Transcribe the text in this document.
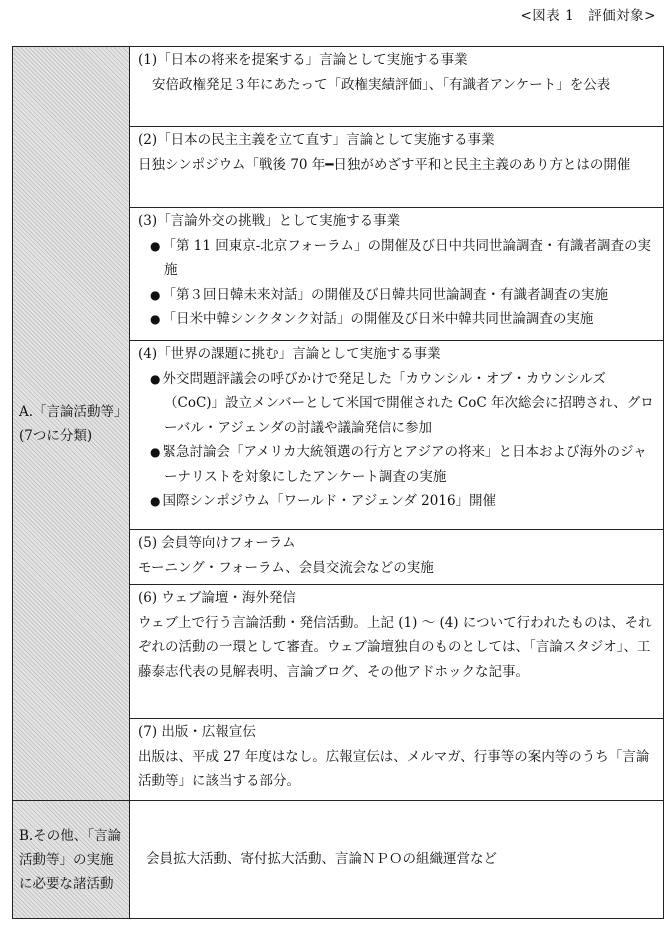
<図表 1　評価対象>
A.「言論活動等」(7つに分類)	(1)「日本の将来を提案する」言論として実施する事業
安倍政権発足３年にあたって「政権実績評価」、「有識者アンケート」を公表

	(2)「日本の民主主義を立て直す」言論として実施する事業
日独シンポジウム「戦後 70 年━日独がめざす平和と民主主義のあり方とはの開催

	(3)「言論外交の挑戦」として実施する事業
● 「第 11 回東京-北京フォーラム」の開催及び日中共同世論調査・有識者調査の実施
● 「第３回日韓未来対話」の開催及び日韓共同世論調査・有識者調査の実施
● 「日米中韓シンクタンク対話」の開催及び日米中韓共同世論調査の実施

	(4)「世界の課題に挑む」言論として実施する事業
● 外交問題評議会の呼びかけで発足した「カウンシル・オブ・カウンシルズ（CoC)」設立メンバーとして米国で開催された CoC 年次総会に招聘され、グローバル・アジェンダの討議や議論発信に参加
● 緊急討論会「アメリカ大統領選の行方とアジアの将来」と日本および海外のジャーナリストを対象にしたアンケート調査の実施
● 国際シンポジウム「ワールド・アジェンダ 2016」開催

	(5) 会員等向けフォーラム
モーニング・フォーラム、会員交流会などの実施

	(6) ウェブ論壇・海外発信
ウェブ上で行う言論活動・発信活動。上記 (1) ～ (4) について行われたものは、それぞれの活動の一環として審査。ウェブ論壇独自のものとしては、「言論スタジオ」、工藤泰志代表の見解表明、言論ブログ、その他アドホックな記事。

	(7) 出版・広報宣伝
出版は、平成 27 年度はなし。広報宣伝は、メルマガ、行事等の案内等のうち「言論活動等」に該当する部分。

B.その他、「言論活動等」の実施に必要な諸活動	会員拡大活動、寄付拡大活動、言論ＮＰＯの組織運営など
